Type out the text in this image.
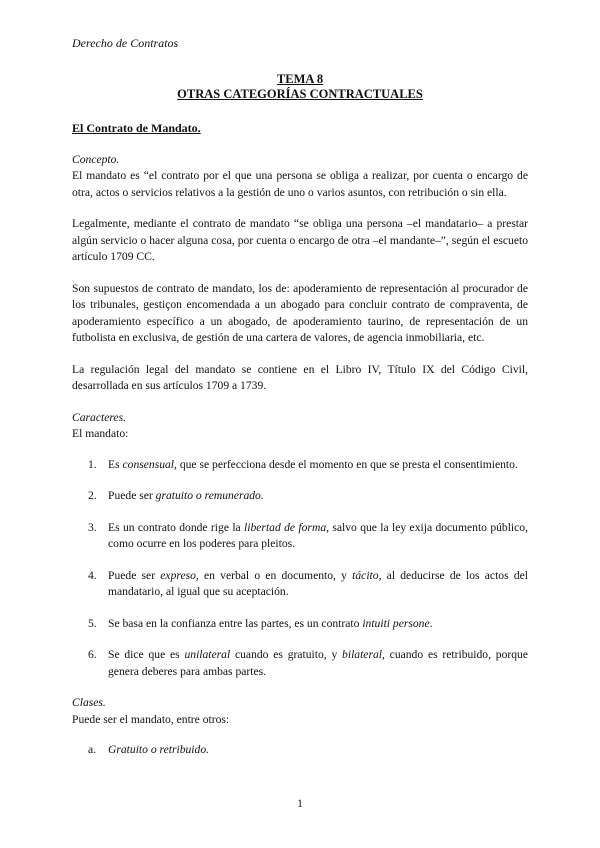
Derecho de Contratos
TEMA 8
OTRAS CATEGORÍAS CONTRACTUALES
El Contrato de Mandato.
Concepto.

El mandato es “el contrato por el que una persona se obliga a realizar, por cuenta o encargo de otra, actos o servicios relativos a la gestión de uno o varios asuntos, con retribución o sin ella.

Legalmente, mediante el contrato de mandato “se obliga una persona –el mandatario– a prestar algún servicio o hacer alguna cosa, por cuenta o encargo de otra –el mandante–”, según el escueto artículo 1709 CC.

Son supuestos de contrato de mandato, los de: apoderamiento de representación al procurador de los tribunales, gestiçon encomendada a un abogado para concluir contrato de compraventa, de apoderamiento específico a un abogado, de apoderamiento taurino, de representación de un futbolista en exclusiva, de gestión de una cartera de valores, de agencia inmobiliaria, etc.

La regulación legal del mandato se contiene en el Libro IV, Título IX del Código Civil, desarrollada en sus artículos 1709 a 1739.

Caracteres.

El mandato:

1. Es consensual, que se perfecciona desde el momento en que se presta el consentimiento.
2. Puede ser gratuito o remunerado.
3. Es un contrato donde rige la libertad de forma, salvo que la ley exija documento público, como ocurre en los poderes para pleitos.
4. Puede ser expreso, en verbal o en documento, y tácito, al deducirse de los actos del mandatario, al igual que su aceptación.
5. Se basa en la confianza entre las partes, es un contrato intuiti persone.
6. Se dice que es unilateral cuando es gratuito, y bilateral, cuando es retribuido, porque genera deberes para ambas partes.
Clases.

Puede ser el mandato, entre otros:

a. Gratuito o retribuido.
1
